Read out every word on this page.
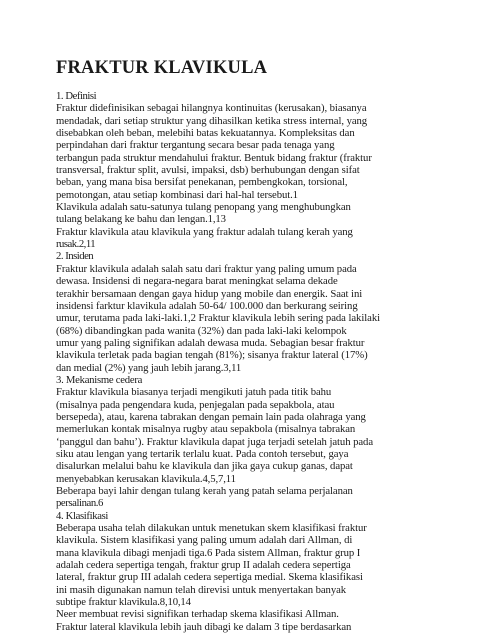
FRAKTUR KLAVIKULA
1. Definisi
Fraktur didefinisikan sebagai hilangnya kontinuitas (kerusakan), biasanya
mendadak, dari setiap struktur yang dihasilkan ketika stress internal, yang
disebabkan oleh beban, melebihi batas kekuatannya. Kompleksitas dan
perpindahan dari fraktur tergantung secara besar pada tenaga yang
terbangun pada struktur mendahului fraktur. Bentuk bidang fraktur (fraktur
transversal, fraktur split, avulsi, impaksi, dsb) berhubungan dengan sifat
beban, yang mana bisa bersifat penekanan, pembengkokan, torsional,
pemotongan, atau setiap kombinasi dari hal-hal tersebut.1
Klavikula adalah satu-satunya tulang penopang yang menghubungkan
tulang belakang ke bahu dan lengan.1,13
Fraktur klavikula atau klavikula yang fraktur adalah tulang kerah yang
rusak.2,11
2. Insiden
Fraktur klavikula adalah salah satu dari fraktur yang paling umum pada
dewasa. Insidensi di negara-negara barat meningkat selama dekade
terakhir bersamaan dengan gaya hidup yang mobile dan energik. Saat ini
insidensi farktur klavikula adalah 50-64/ 100.000 dan berkurang seiring
umur, terutama pada laki-laki.1,2 Fraktur klavikula lebih sering pada lakilaki
(68%) dibandingkan pada wanita (32%) dan pada laki-laki kelompok
umur yang paling signifikan adalah dewasa muda. Sebagian besar fraktur
klavikula terletak pada bagian tengah (81%); sisanya fraktur lateral (17%)
dan medial (2%) yang jauh lebih jarang.3,11
3. Mekanisme cedera
Fraktur klavikula biasanya terjadi mengikuti jatuh pada titik bahu
(misalnya pada pengendara kuda, penjegalan pada sepakbola, atau
bersepeda), atau, karena tabrakan dengan pemain lain pada olahraga yang
memerlukan kontak misalnya rugby atau sepakbola (misalnya tabrakan
‘panggul dan bahu’). Fraktur klavikula dapat juga terjadi setelah jatuh pada
siku atau lengan yang tertarik terlalu kuat. Pada contoh tersebut, gaya
disalurkan melalui bahu ke klavikula dan jika gaya cukup ganas, dapat
menyebabkan kerusakan klavikula.4,5,7,11
Beberapa bayi lahir dengan tulang kerah yang patah selama perjalanan
persalinan.6
4. Klasifikasi
Beberapa usaha telah dilakukan untuk menetukan skem klasifikasi fraktur
klavikula. Sistem klasifikasi yang paling umum adalah dari Allman, di
mana klavikula dibagi menjadi tiga.6 Pada sistem Allman, fraktur grup I
adalah cedera sepertiga tengah, fraktur grup II adalah cedera sepertiga
lateral, fraktur grup III adalah cedera sepertiga medial. Skema klasifikasi
ini masih digunakan namun telah direvisi untuk menyertakan banyak
subtipe fraktur klavikula.8,10,14
Neer membuat revisi signifikan terhadap skema klasifikasi Allman.
Fraktur lateral klavikula lebih jauh dibagi ke dalam 3 tipe berdasarkan
